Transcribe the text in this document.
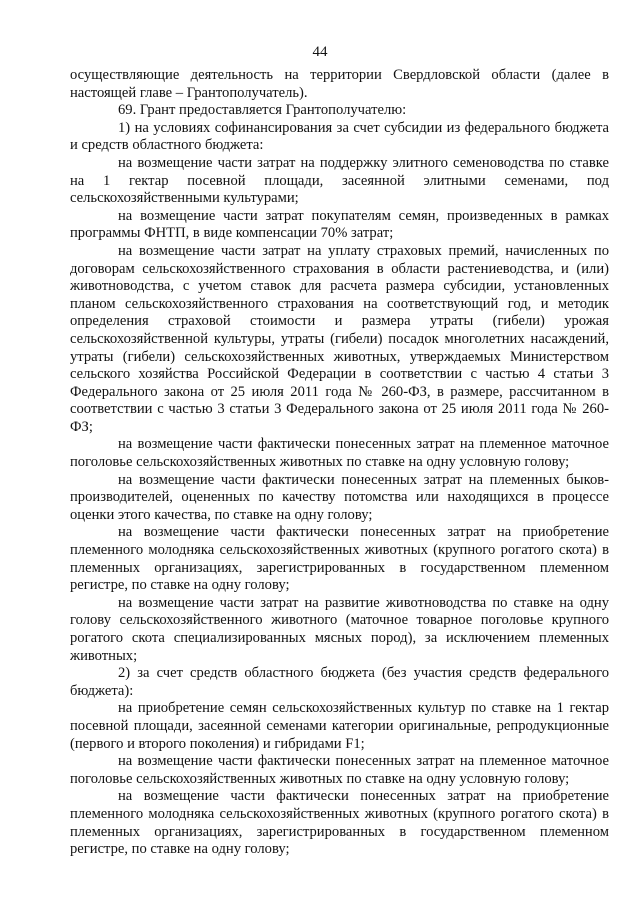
44

осуществляющие деятельность на территории Свердловской области (далее в настоящей главе – Грантополучатель).

69. Грант предоставляется Грантополучателю:

1) на условиях софинансирования за счет субсидии из федерального бюджета и средств областного бюджета:

на возмещение части затрат на поддержку элитного семеноводства по ставке на 1 гектар посевной площади, засеянной элитными семенами, под сельскохозяйственными культурами;

на возмещение части затрат покупателям семян, произведенных в рамках программы ФНТП, в виде компенсации 70% затрат;

на возмещение части затрат на уплату страховых премий, начисленных по договорам сельскохозяйственного страхования в области растениеводства, и (или) животноводства, с учетом ставок для расчета размера субсидии, установленных планом сельскохозяйственного страхования на соответствующий год, и методик определения страховой стоимости и размера утраты (гибели) урожая сельскохозяйственной культуры, утраты (гибели) посадок многолетних насаждений, утраты (гибели) сельскохозяйственных животных, утверждаемых Министерством сельского хозяйства Российской Федерации в соответствии с частью 4 статьи 3 Федерального закона от 25 июля 2011 года № 260-ФЗ, в размере, рассчитанном в соответствии с частью 3 статьи 3 Федерального закона от 25 июля 2011 года № 260-ФЗ;

на возмещение части фактически понесенных затрат на племенное маточное поголовье сельскохозяйственных животных по ставке на одну условную голову;

на возмещение части фактически понесенных затрат на племенных быков-производителей, оцененных по качеству потомства или находящихся в процессе оценки этого качества, по ставке на одну голову;

на возмещение части фактически понесенных затрат на приобретение племенного молодняка сельскохозяйственных животных (крупного рогатого скота) в племенных организациях, зарегистрированных в государственном племенном регистре, по ставке на одну голову;

на возмещение части затрат на развитие животноводства по ставке на одну голову сельскохозяйственного животного (маточное товарное поголовье крупного рогатого скота специализированных мясных пород), за исключением племенных животных;

2) за счет средств областного бюджета (без участия средств федерального бюджета):

на приобретение семян сельскохозяйственных культур по ставке на 1 гектар посевной площади, засеянной семенами категории оригинальные, репродукционные (первого и второго поколения) и гибридами F1;

на возмещение части фактически понесенных затрат на племенное маточное поголовье сельскохозяйственных животных по ставке на одну условную голову;

на возмещение части фактически понесенных затрат на приобретение племенного молодняка сельскохозяйственных животных (крупного рогатого скота) в племенных организациях, зарегистрированных в государственном племенном регистре, по ставке на одну голову;
